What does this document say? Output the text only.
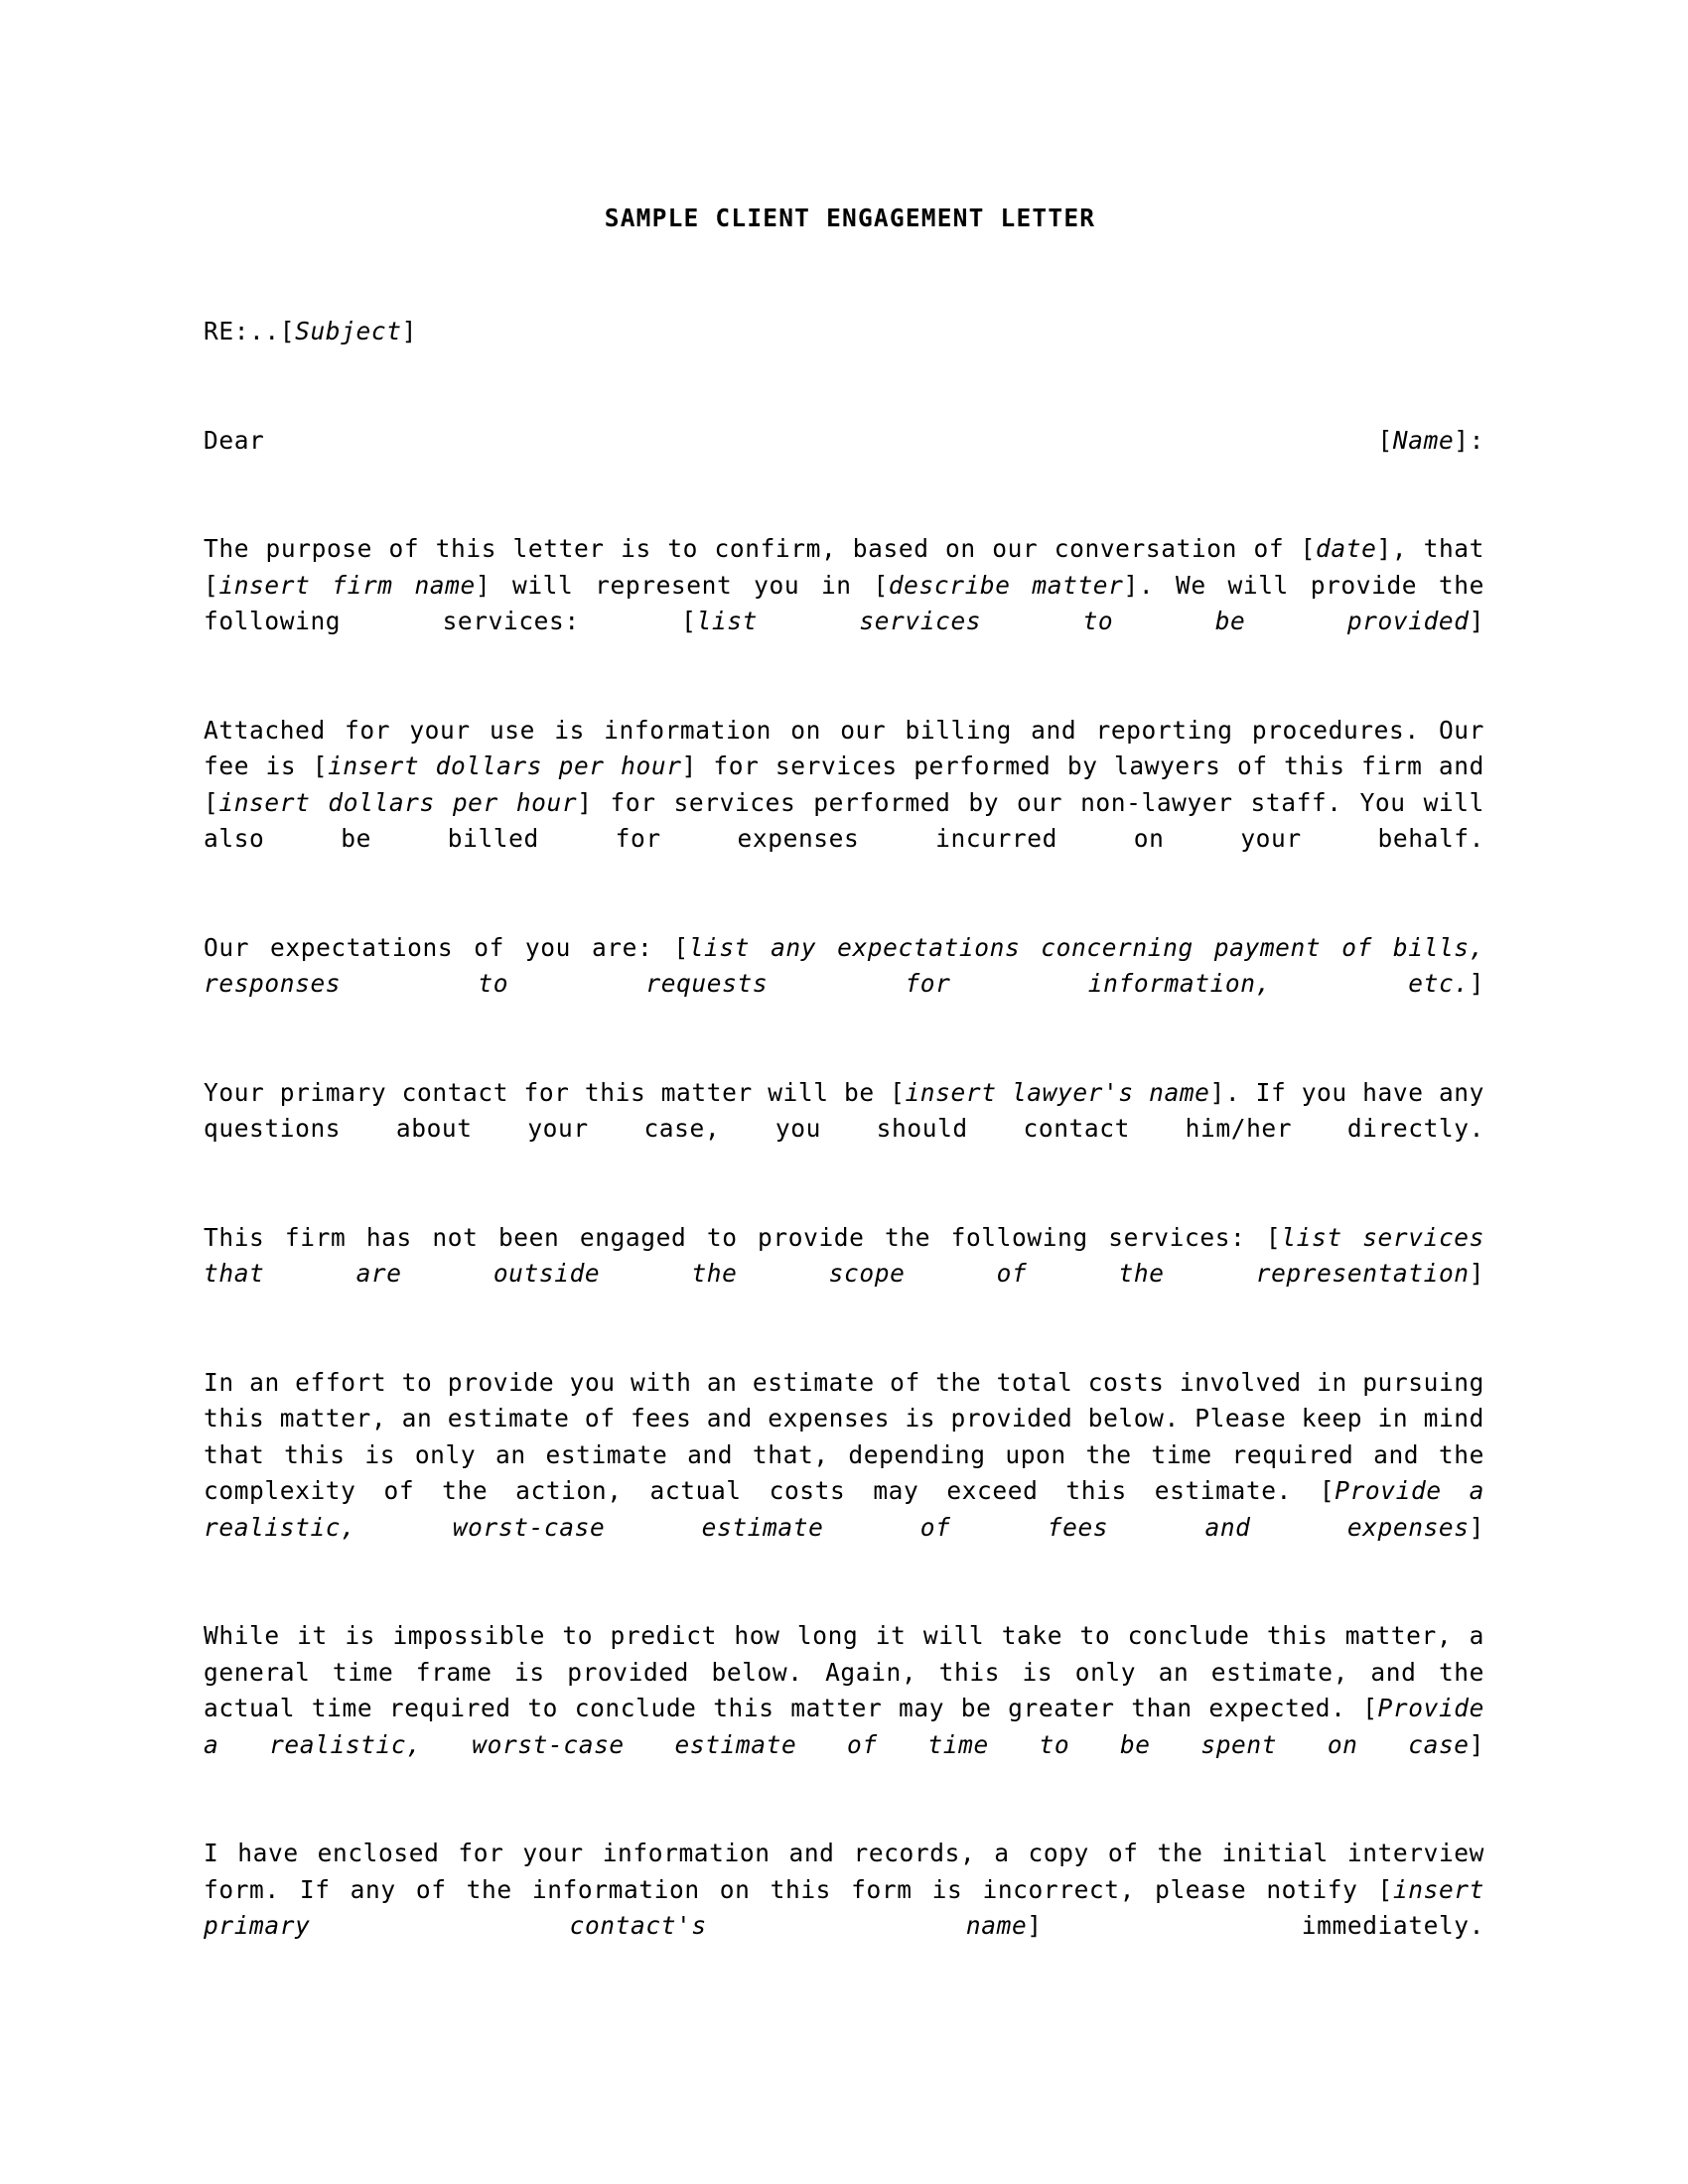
SAMPLE CLIENT ENGAGEMENT LETTER

RE:..[Subject]

Dear [Name]:

The purpose of this letter is to confirm, based on our conversation of [date], that [insert firm name] will represent you in [describe matter]. We will provide the following services: [list services to be provided]

Attached for your use is information on our billing and reporting procedures. Our fee is [insert dollars per hour] for services performed by lawyers of this firm and [insert dollars per hour] for services performed by our non-lawyer staff. You will also be billed for expenses incurred on your behalf.

Our expectations of you are: [list any expectations concerning payment of bills, responses to requests for information, etc.]

Your primary contact for this matter will be [insert lawyer's name]. If you have any questions about your case, you should contact him/her directly.

This firm has not been engaged to provide the following services: [list services that are outside the scope of the representation]

In an effort to provide you with an estimate of the total costs involved in pursuing this matter, an estimate of fees and expenses is provided below. Please keep in mind that this is only an estimate and that, depending upon the time required and the complexity of the action, actual costs may exceed this estimate. [Provide a realistic, worst-case estimate of fees and expenses]

While it is impossible to predict how long it will take to conclude this matter, a general time frame is provided below. Again, this is only an estimate, and the actual time required to conclude this matter may be greater than expected. [Provide a realistic, worst-case estimate of time to be spent on case]

I have enclosed for your information and records, a copy of the initial interview form. If any of the information on this form is incorrect, please notify [insert primary contact's name] immediately.
